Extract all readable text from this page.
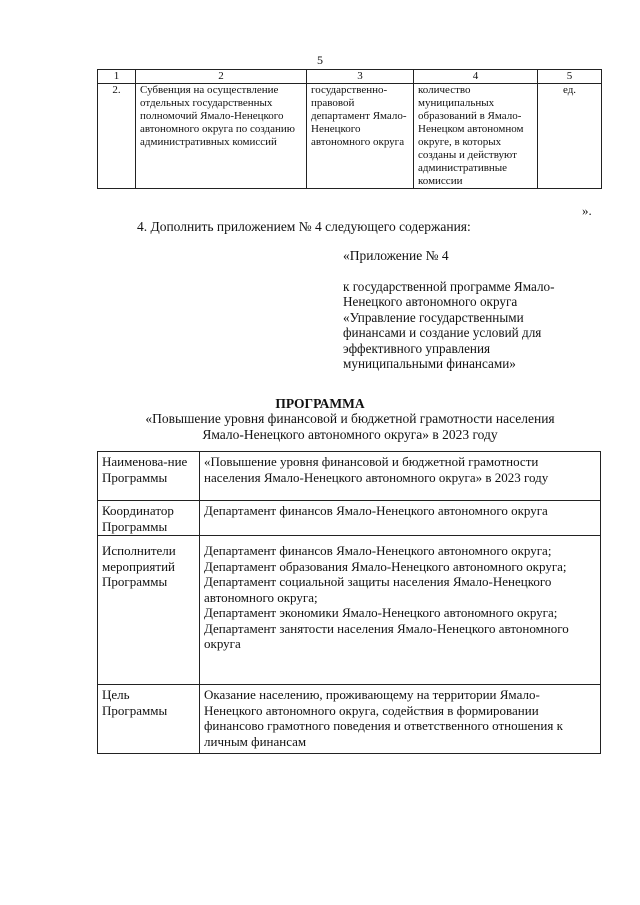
5
1	2	3	4	5
2.	Субвенция на осуществление отдельных государственных полномочий Ямало-Ненецкого автономного округа по созданию административных комиссий	государственно-правовой департамент Ямало-Ненецкого автономного округа	количество муниципальных образований в Ямало-Ненецком автономном округе, в которых созданы и действуют административные комиссии	ед.
».
4. Дополнить приложением № 4 следующего содержания:
«Приложение № 4
к государственной программе Ямало-Ненецкого автономного округа «Управление государственными финансами и создание условий для эффективного управления муниципальными финансами»
ПРОГРАММА
«Повышение уровня финансовой и бюджетной грамотности населения
Ямало-Ненецкого автономного округа» в 2023 году
Наименова-ние Программы	«Повышение уровня финансовой и бюджетной грамотности населения Ямало-Ненецкого автономного округа» в 2023 году
Координатор Программы	Департамент финансов Ямало-Ненецкого автономного округа

Исполнители мероприятий Программы	Департамент финансов Ямало-Ненецкого автономного округа;
Департамент образования Ямало-Ненецкого автономного округа;
Департамент социальной защиты населения Ямало-Ненецкого автономного округа;
Департамент экономики Ямало-Ненецкого автономного округа;
Департамент занятости населения Ямало-Ненецкого автономного округа

Цель Программы	Оказание населению, проживающему на территории Ямало-Ненецкого автономного округа, содействия в формировании финансово грамотного поведения и ответственного отношения к личным финансам
